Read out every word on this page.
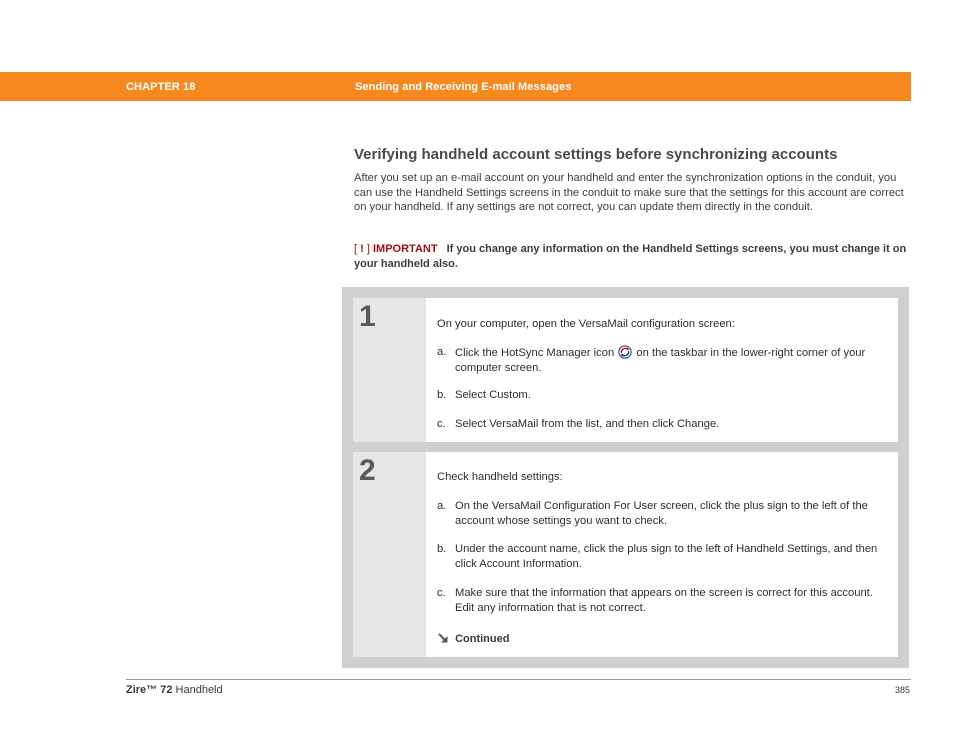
CHAPTER 18	Sending and Receiving E-mail Messages
Verifying handheld account settings before synchronizing accounts
After you set up an e-mail account on your handheld and enter the synchronization options in the conduit, you can use the Handheld Settings screens in the conduit to make sure that the settings for this account are correct on your handheld. If any settings are not correct, you can update them directly in the conduit.
[ ! ] IMPORTANT If you change any information on the Handheld Settings screens, you must change it on your handheld also.
1	On your computer, open the VersaMail configuration screen:
a. Click the HotSync Manager icon on the taskbar in the lower-right corner of your computer screen.
b. Select Custom.
c. Select VersaMail from the list, and then click Change.
2	Check handheld settings:
a. On the VersaMail Configuration For User screen, click the plus sign to the left of the account whose settings you want to check.
b. Under the account name, click the plus sign to the left of Handheld Settings, and then click Account Information.
c. Make sure that the information that appears on the screen is correct for this account. Edit any information that is not correct.
Continued
Zire™ 72 Handheld	385
